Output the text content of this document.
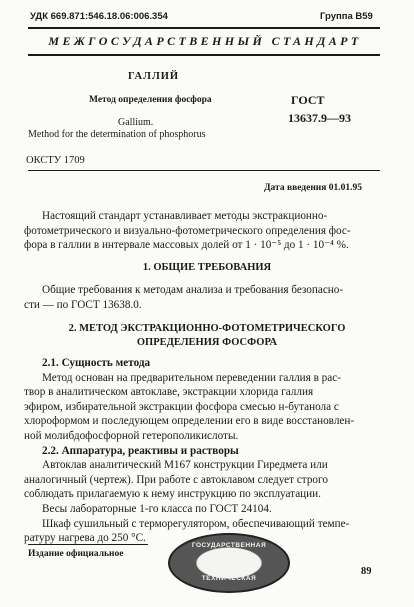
УДК 669.871:546.18.06:006.354	Группа В59
МЕЖГОСУДАРСТВЕННЫЙ СТАНДАРТ
ГАЛЛИЙ
Метод определения фосфора
Gallium.
Method for the determination of phosphorus
ГОСТ
13637.9—93
ОКСТУ 1709
Дата введения 01.01.95

Настоящий стандарт устанавливает методы экстракционно-

фотометрического и визуально-фотометрического определения фос-

фора в галлии в интервале массовых долей от 1 · 10⁻⁵ до 1 · 10⁻⁴ %.

1. ОБЩИЕ ТРЕБОВАНИЯ

Общие требования к методам анализа и требования безопасно-

сти — по ГОСТ 13638.0.

2. МЕТОД ЭКСТРАКЦИОННО-ФОТОМЕТРИЧЕСКОГО
ОПРЕДЕЛЕНИЯ ФОСФОРА

2.1. Сущность метода

Метод основан на предварительном переведении галлия в рас-

твор в аналитическом автоклаве, экстракции хлорида галлия

эфиром, избирательной экстракции фосфора смесью н-бутанола с

хлороформом и последующем определении его в виде восстановлен-

ной молибдофосфорной гетерополикислоты.

2.2. Аппаратура, реактивы и растворы

Автоклав аналитический М167 конструкции Гиредмета или

аналогичный (чертеж). При работе с автоклавом следует строго

соблюдать прилагаемую к нему инструкцию по эксплуатации.

Весы лабораторные 1-го класса по ГОСТ 24104.

Шкаф сушильный с терморегулятором, обеспечивающий темпе-

ратуру нагрева до 250 °С.

Издание официальное
ГОСУДАРСТВЕННАЯ
ТЕХНИЧЕСКАЯ
89
